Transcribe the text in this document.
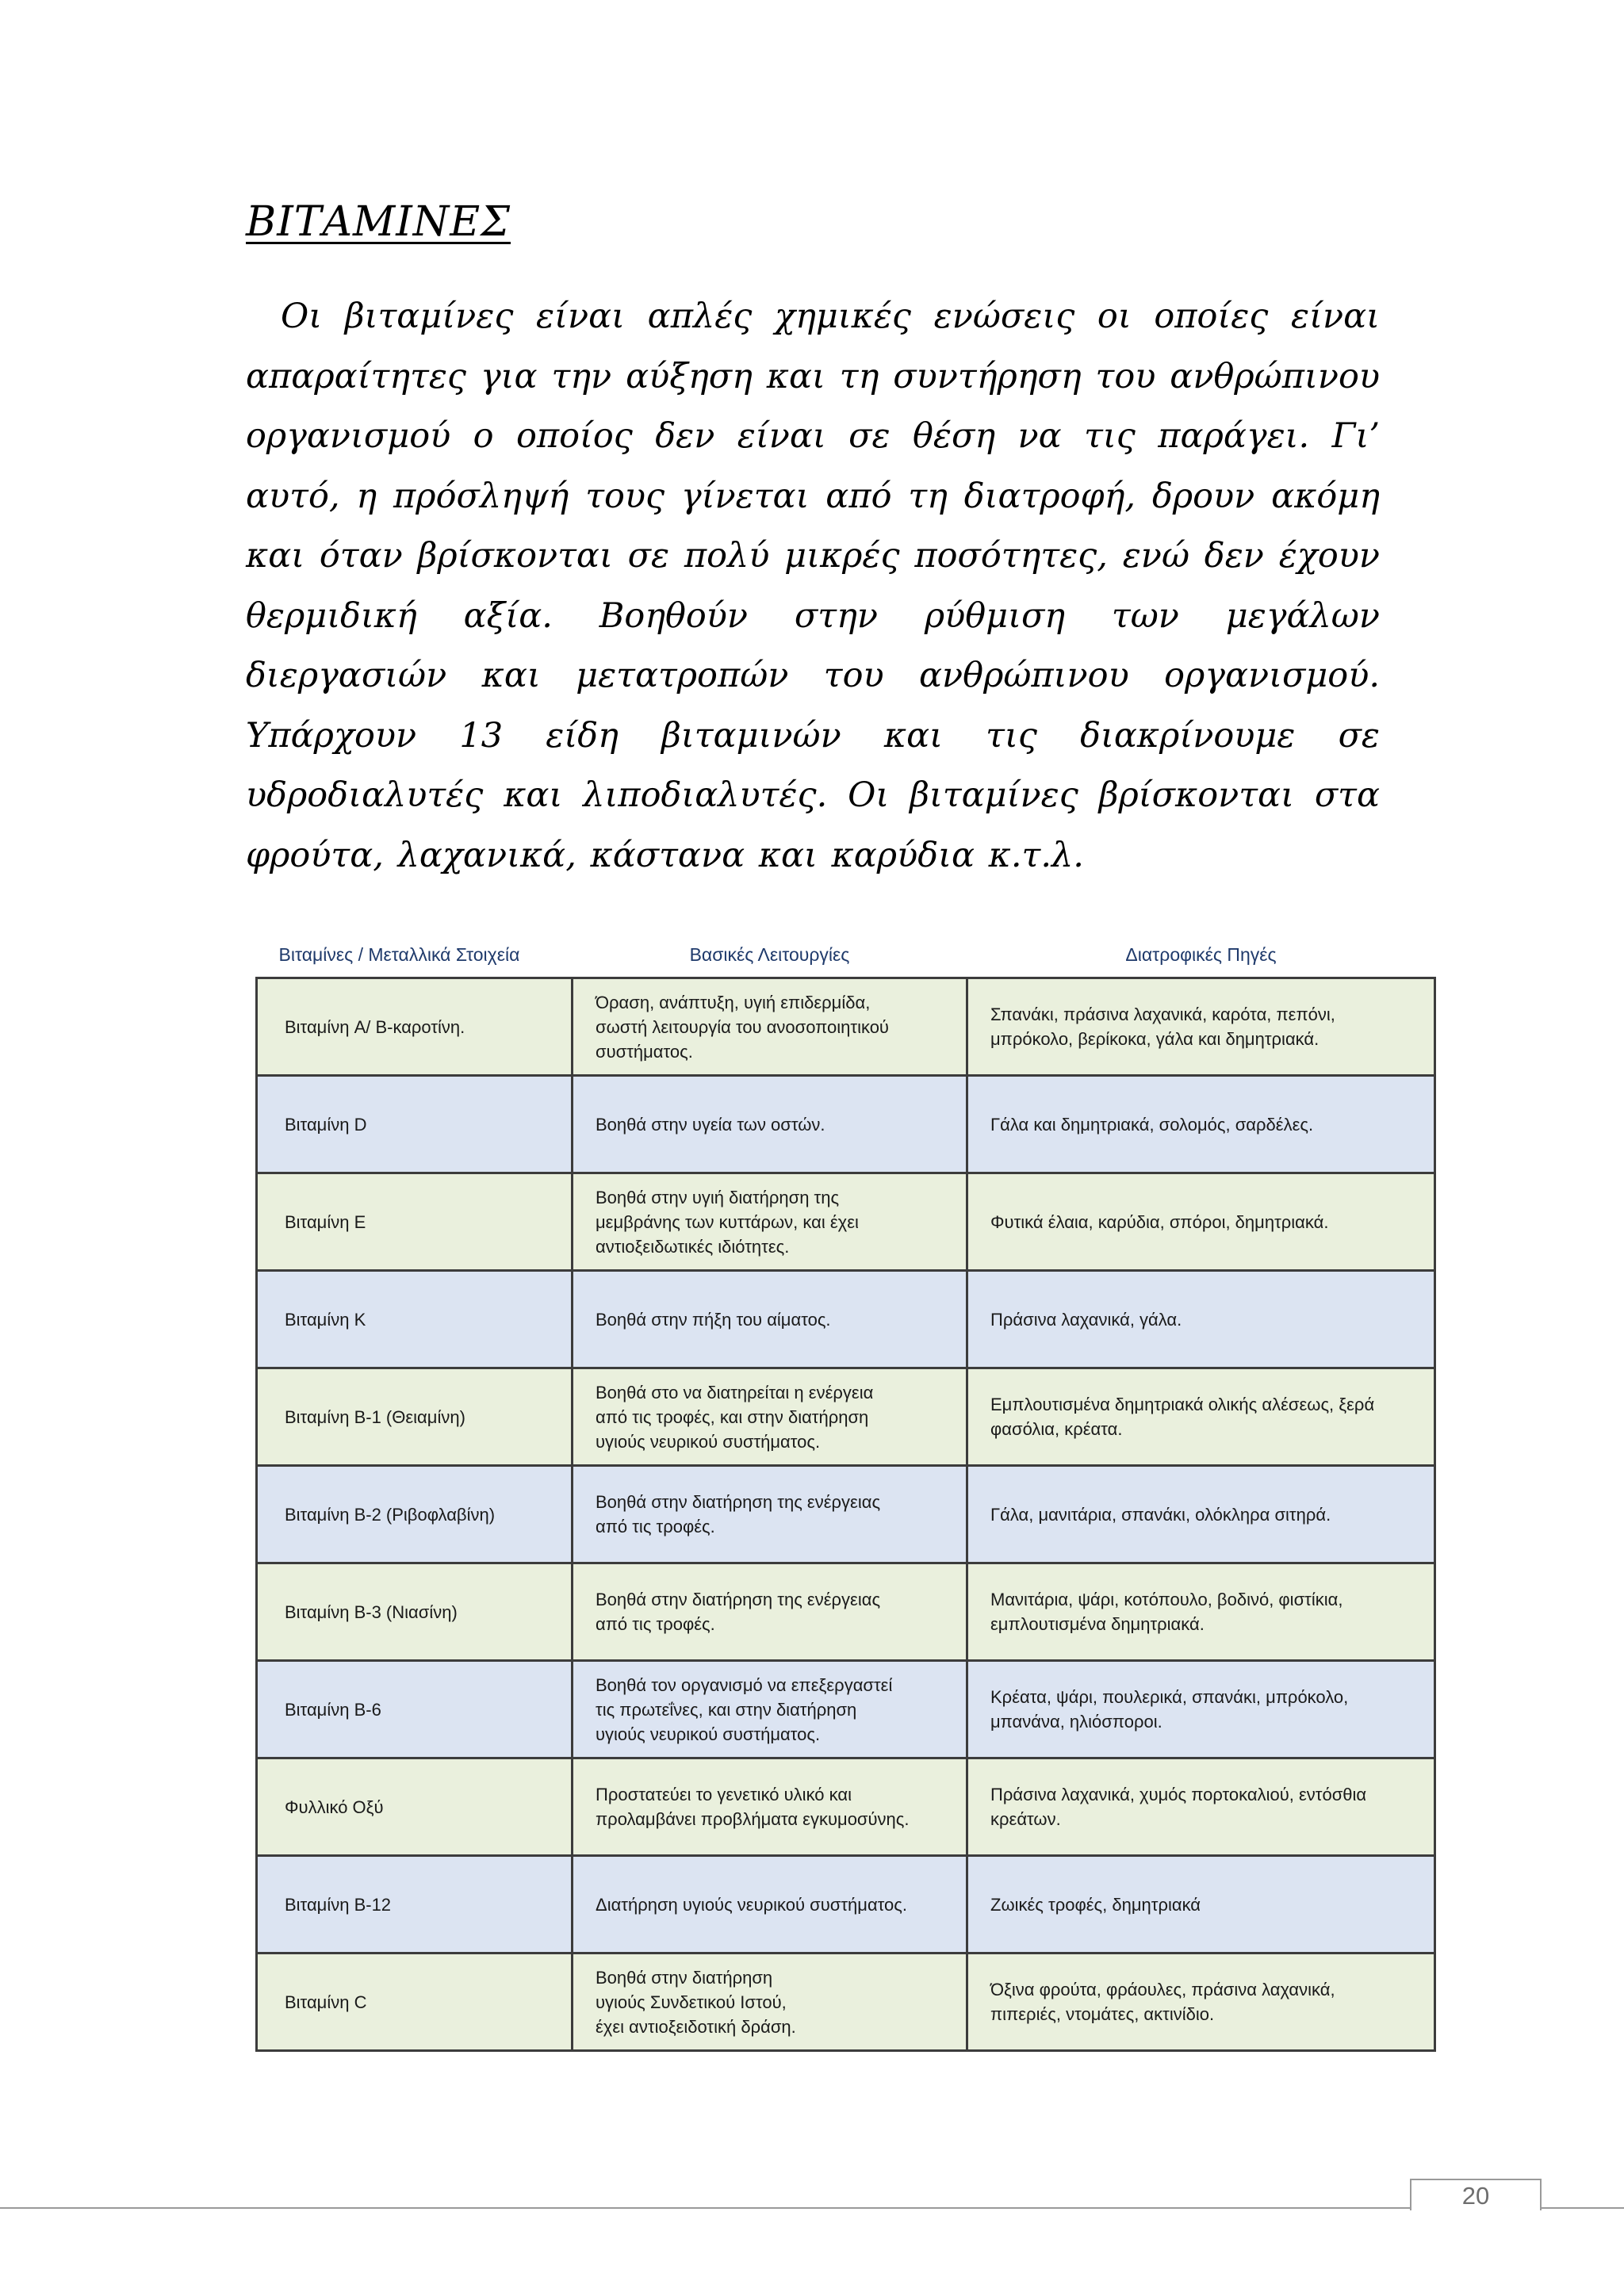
ΒΙΤΑΜΙΝΕΣ

Οι βιταμίνες είναι απλές χημικές ενώσεις οι οποίες είναι απαραίτητες για την αύξηση και τη συντήρηση του ανθρώπινου οργανισμού ο οποίος δεν είναι σε θέση να τις παράγει. Γι’ αυτό, η πρόσληψή τους γίνεται από τη διατροφή, δρουν ακόμη και όταν βρίσκονται σε πολύ μικρές ποσότητες, ενώ δεν έχουν θερμιδική αξία. Βοηθούν στην ρύθμιση των μεγάλων διεργασιών και μετατροπών του ανθρώπινου οργανισμού. Υπάρχουν 13 είδη βιταμινών και τις διακρίνουμε σε υδροδιαλυτές και λιποδιαλυτές. Οι βιταμίνες βρίσκονται στα φρούτα, λαχανικά, κάστανα και καρύδια κ.τ.λ.

Βιταμίνες / Μεταλλικά Στοιχεία	Βασικές Λειτουργίες	Διατροφικές Πηγές
Βιταμίνη A/ Β-καροτίνη.	Όραση, ανάπτυξη, υγιή επιδερμίδα,
σωστή λειτουργία του ανοσοποιητικού
συστήματος.	Σπανάκι, πράσινα λαχανικά, καρότα, πεπόνι,
μπρόκολο, βερίκοκα, γάλα και δημητριακά.
Βιταμίνη D	Βοηθά στην υγεία των οστών.	Γάλα και δημητριακά, σολομός, σαρδέλες.
Βιταμίνη Ε	Βοηθά στην υγιή διατήρηση της
μεμβράνης των κυττάρων, και έχει
αντιοξειδωτικές ιδιότητες.	Φυτικά έλαια, καρύδια, σπόροι, δημητριακά.
Βιταμίνη Κ	Βοηθά στην πήξη του αίματος.	Πράσινα λαχανικά, γάλα.
Βιταμίνη Β-1 (Θειαμίνη)	Βοηθά στο να διατηρείται η ενέργεια
από τις τροφές, και στην διατήρηση
υγιούς νευρικού συστήματος.	Εμπλουτισμένα δημητριακά ολικής αλέσεως, ξερά
φασόλια, κρέατα.
Βιταμίνη Β-2 (Ριβοφλαβίνη)	Βοηθά στην διατήρηση της ενέργειας
από τις τροφές.	Γάλα, μανιτάρια, σπανάκι, ολόκληρα σιτηρά.
Βιταμίνη Β-3 (Νιασίνη)	Βοηθά στην διατήρηση της ενέργειας
από τις τροφές.	Μανιτάρια, ψάρι, κοτόπουλο, βοδινό, φιστίκια,
εμπλουτισμένα δημητριακά.
Βιταμίνη Β-6	Βοηθά τον οργανισμό να επεξεργαστεί
τις πρωτεΐνες, και στην διατήρηση
υγιούς νευρικού συστήματος.	Κρέατα, ψάρι, πουλερικά, σπανάκι, μπρόκολο,
μπανάνα, ηλιόσποροι.
Φυλλικό Οξύ	Προστατεύει το γενετικό υλικό και
προλαμβάνει προβλήματα εγκυμοσύνης.	Πράσινα λαχανικά, χυμός πορτοκαλιού, εντόσθια
κρεάτων.
Βιταμίνη Β-12	Διατήρηση υγιούς νευρικού συστήματος.	Ζωικές τροφές, δημητριακά
Βιταμίνη C	Βοηθά στην διατήρηση
υγιούς Συνδετικού Ιστού,
έχει αντιοξειδοτική δράση.	Όξινα φρούτα, φράουλες, πράσινα λαχανικά,
πιπεριές, ντομάτες, ακτινίδιο.
20
